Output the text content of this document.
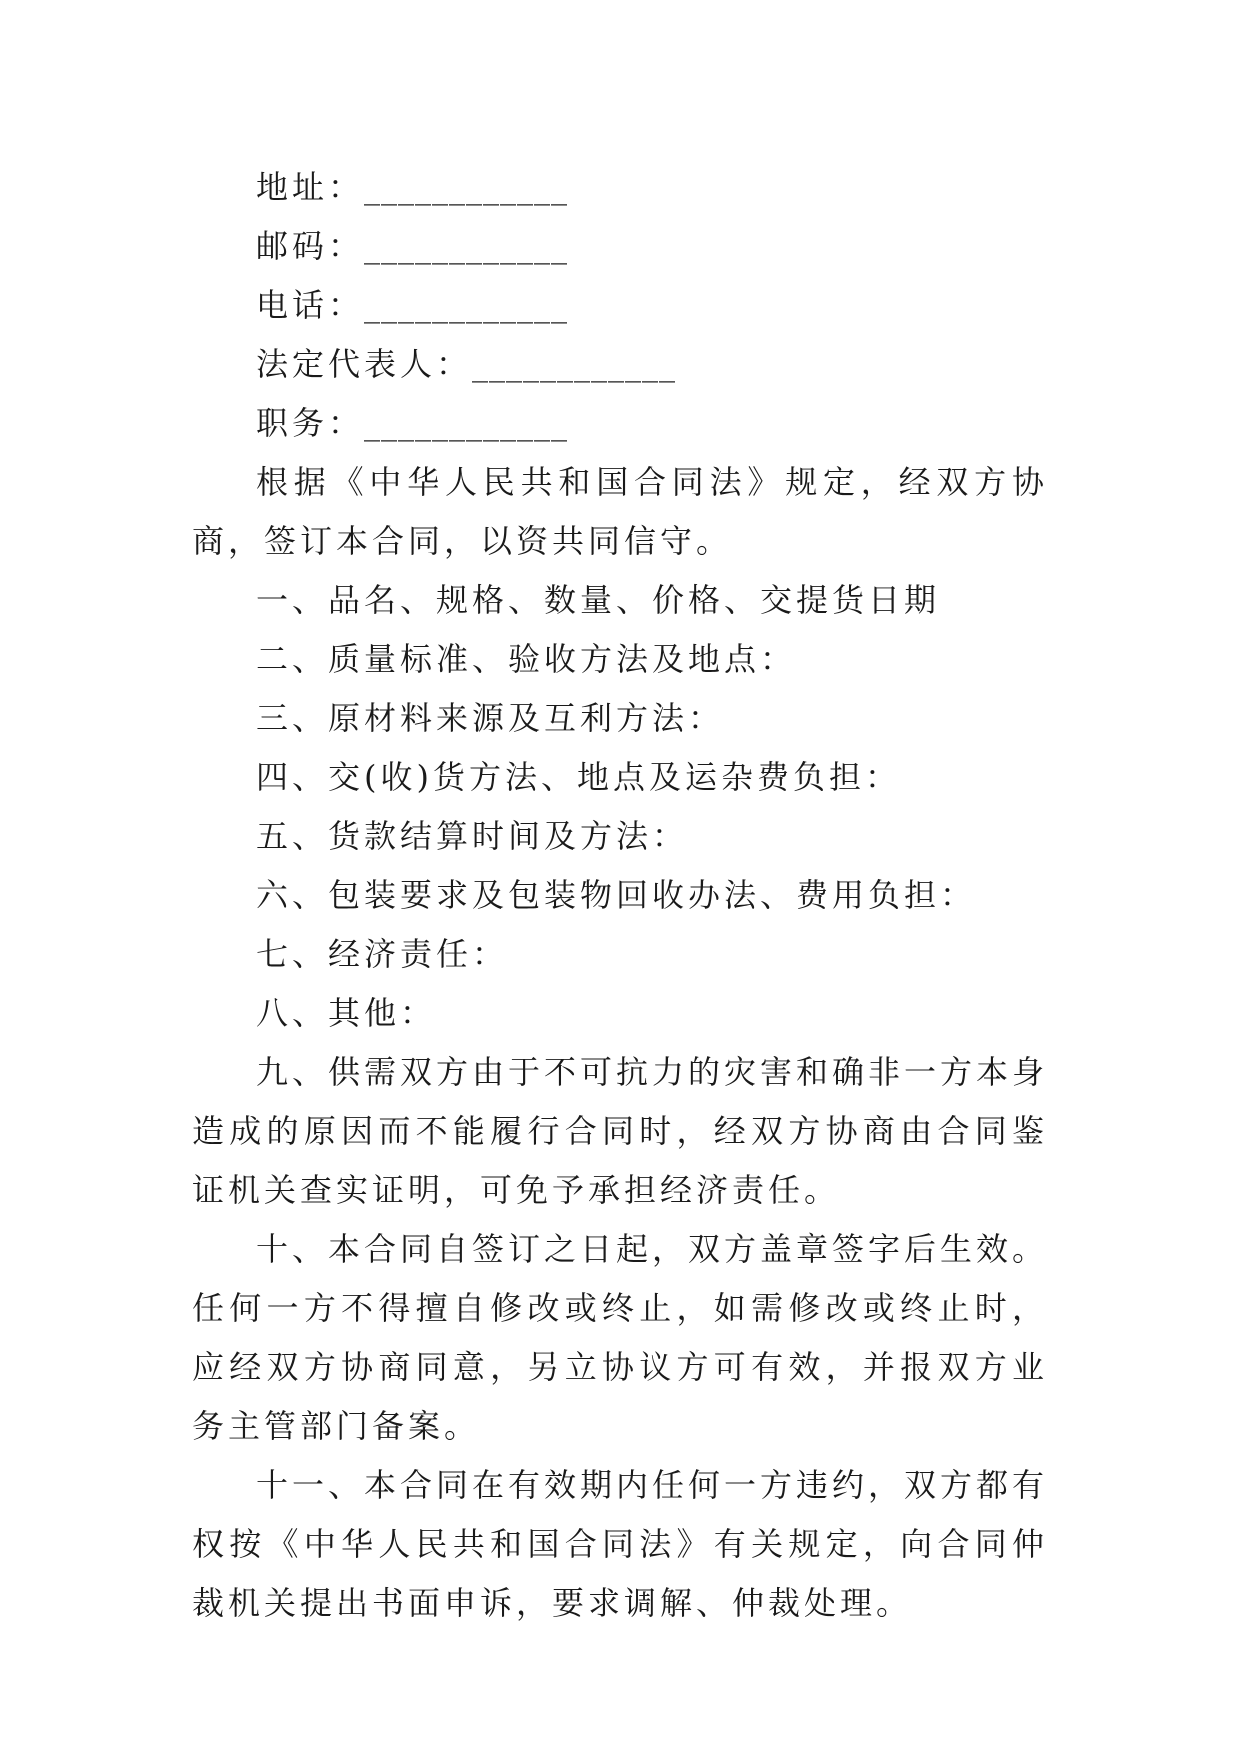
地址：____________
邮码：____________
电话：____________
法定代表人：____________
职务：____________

根据《中华人民共和国合同法》规定，经双方协商，签订本合同，以资共同信守。

一、品名、规格、数量、价格、交提货日期
二、质量标准、验收方法及地点：
三、原材料来源及互利方法：
四、交(收)货方法、地点及运杂费负担：
五、货款结算时间及方法：
六、包装要求及包装物回收办法、费用负担：
七、经济责任：
八、其他：

九、供需双方由于不可抗力的灾害和确非一方本身造成的原因而不能履行合同时，经双方协商由合同鉴证机关查实证明，可免予承担经济责任。

十、本合同自签订之日起，双方盖章签字后生效。任何一方不得擅自修改或终止，如需修改或终止时，应经双方协商同意，另立协议方可有效，并报双方业务主管部门备案。

十一、本合同在有效期内任何一方违约，双方都有权按《中华人民共和国合同法》有关规定，向合同仲裁机关提出书面申诉，要求调解、仲裁处理。
